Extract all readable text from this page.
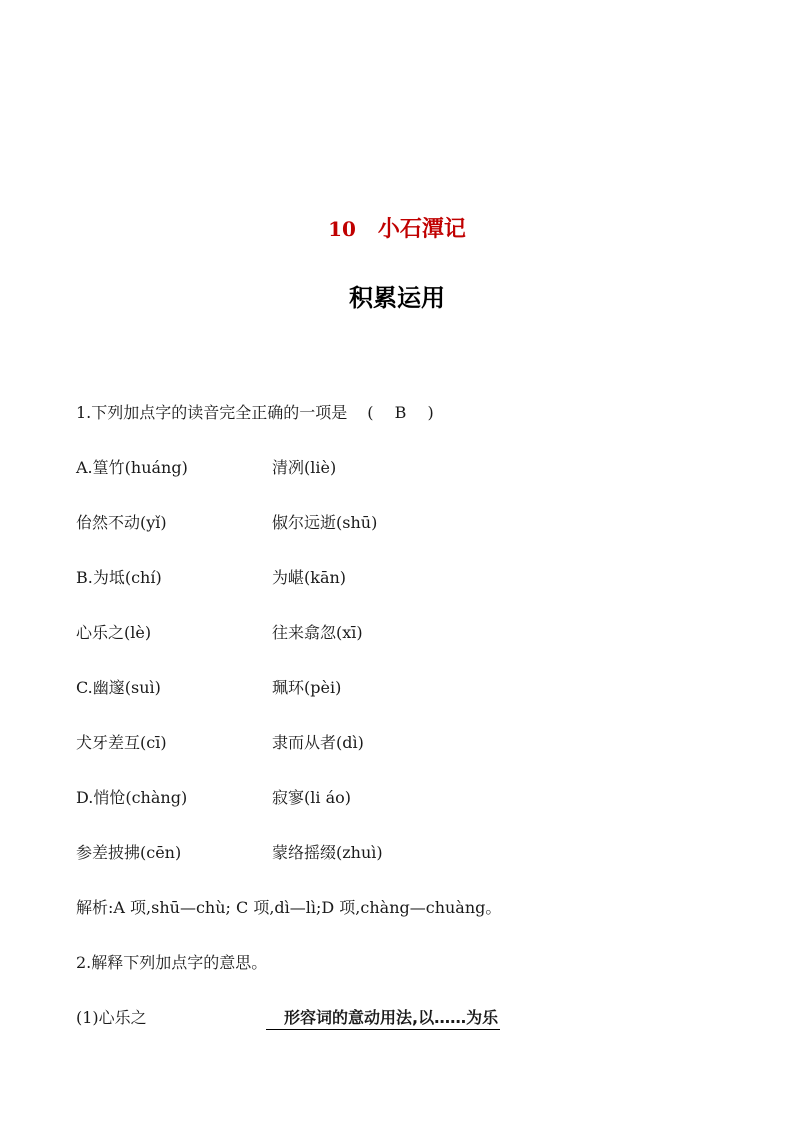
10 小石潭记
积累运用
1.下列加点字的读音完全正确的一项是 ( B )
A.篁竹(huáng)	清冽(liè)
佁然不动(yǐ)	俶尔远逝(shū)
B.为坻(chí)	为嵁(kān)
心乐之(lè)	往来翕忽(xī)
C.幽邃(suì)	珮环(pèi)
犬牙差互(cī)	隶而从者(dì)
D.悄怆(chàng)	寂寥(li áo)
参差披拂(cēn)	蒙络摇缀(zhuì)
解析:A 项,shū—chù; C 项,dì—lì;D 项,chàng—chuàng。
2.解释下列加点字的意思。
(1)心乐之	形容词的意动用法,以……为乐
